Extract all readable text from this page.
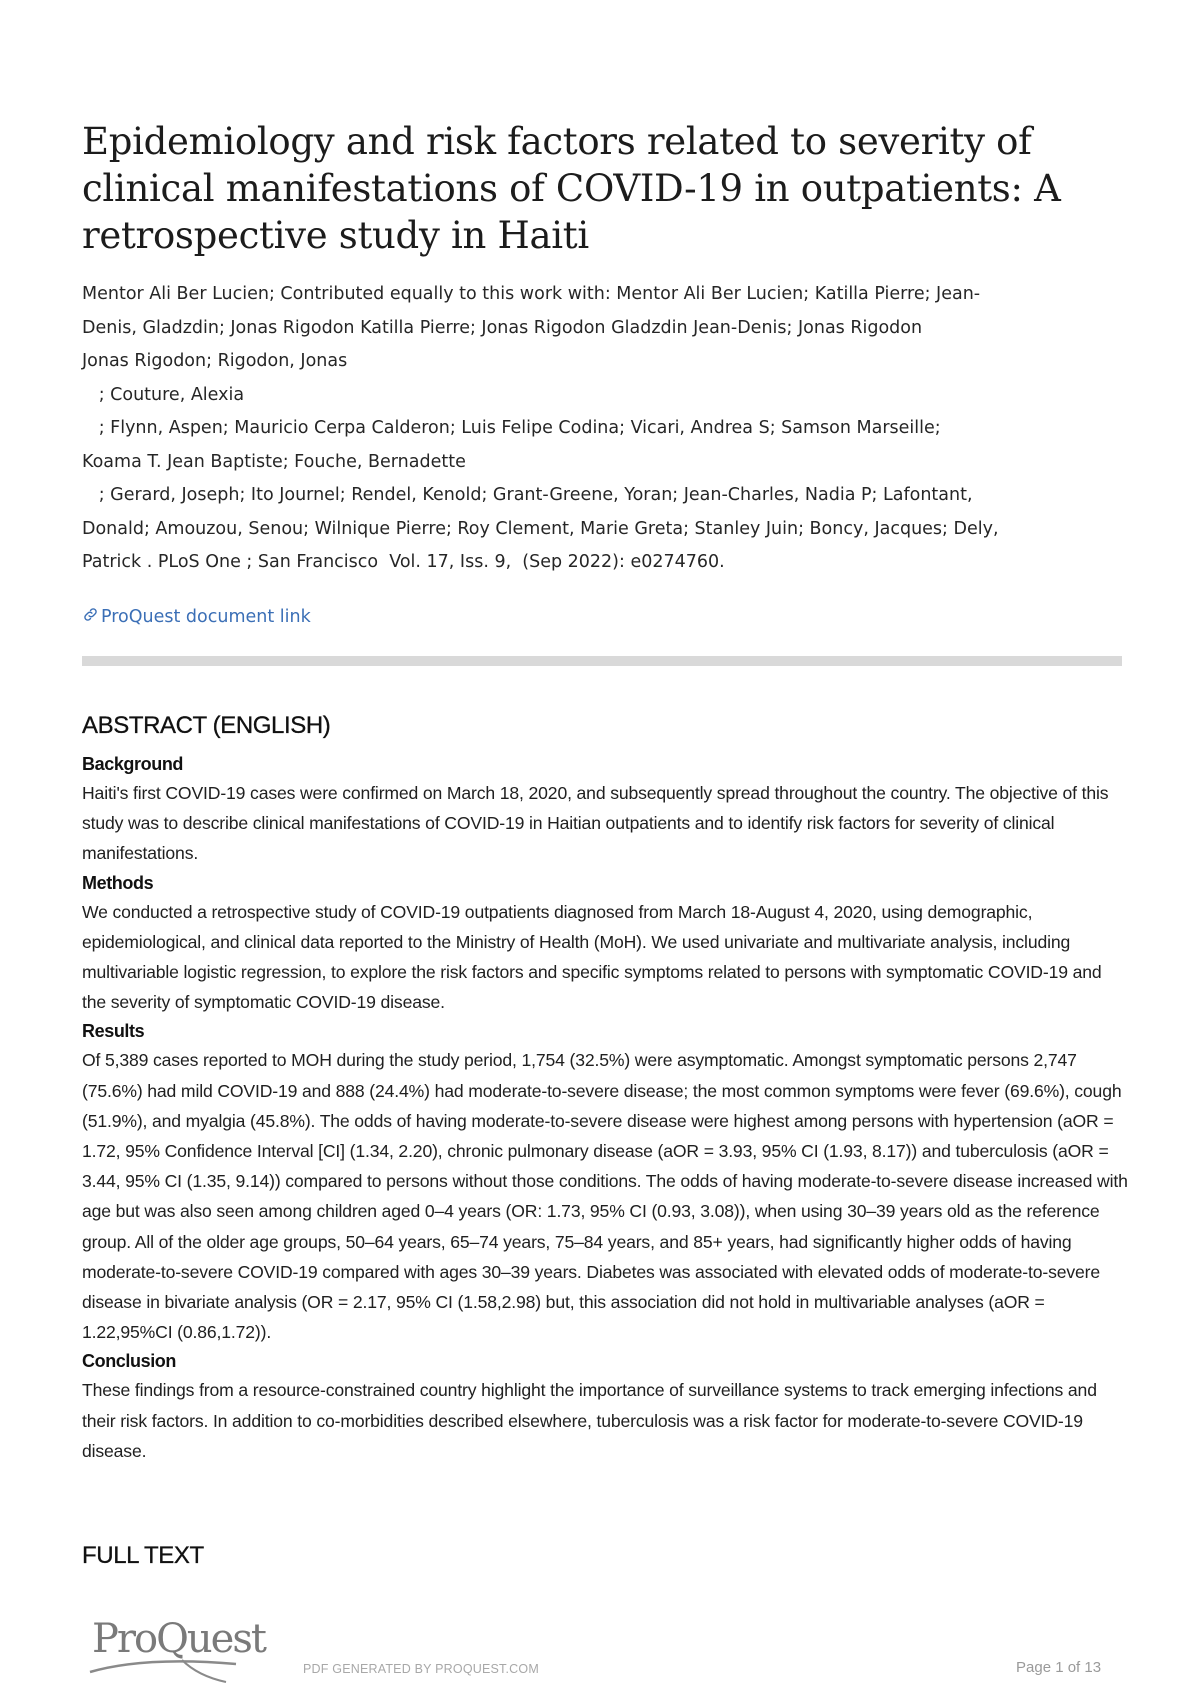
Epidemiology and risk factors related to severity of clinical manifestations of COVID-19 in outpatients: A retrospective study in Haiti
Mentor Ali Ber Lucien; Contributed equally to this work with: Mentor Ali Ber Lucien; Katilla Pierre; Jean-
Denis, Gladzdin; Jonas Rigodon Katilla Pierre; Jonas Rigodon Gladzdin Jean-Denis; Jonas Rigodon
Jonas Rigodon; Rigodon, Jonas
; Couture, Alexia
; Flynn, Aspen; Mauricio Cerpa Calderon; Luis Felipe Codina; Vicari, Andrea S; Samson Marseille;
Koama T. Jean Baptiste; Fouche, Bernadette
; Gerard, Joseph; Ito Journel; Rendel, Kenold; Grant-Greene, Yoran; Jean-Charles, Nadia P; Lafontant,
Donald; Amouzou, Senou; Wilnique Pierre; Roy Clement, Marie Greta; Stanley Juin; Boncy, Jacques; Dely,
Patrick . PLoS One ; San Francisco  Vol. 17, Iss. 9,  (Sep 2022): e0274760.
ProQuest document link
ABSTRACT (ENGLISH)
Background

Haiti's first COVID-19 cases were confirmed on March 18, 2020, and subsequently spread throughout the country. The objective of this study was to describe clinical manifestations of COVID-19 in Haitian outpatients and to identify risk factors for severity of clinical manifestations.

Methods

We conducted a retrospective study of COVID-19 outpatients diagnosed from March 18-August 4, 2020, using demographic, epidemiological, and clinical data reported to the Ministry of Health (MoH). We used univariate and multivariate analysis, including multivariable logistic regression, to explore the risk factors and specific symptoms related to persons with symptomatic COVID-19 and the severity of symptomatic COVID-19 disease.

Results

Of 5,389 cases reported to MOH during the study period, 1,754 (32.5%) were asymptomatic. Amongst symptomatic persons 2,747 (75.6%) had mild COVID-19 and 888 (24.4%) had moderate-to-severe disease; the most common symptoms were fever (69.6%), cough (51.9%), and myalgia (45.8%). The odds of having moderate-to-severe disease were highest among persons with hypertension (aOR = 1.72, 95% Confidence Interval [CI] (1.34, 2.20), chronic pulmonary disease (aOR = 3.93, 95% CI (1.93, 8.17)) and tuberculosis (aOR = 3.44, 95% CI (1.35, 9.14)) compared to persons without those conditions. The odds of having moderate-to-severe disease increased with age but was also seen among children aged 0–4 years (OR: 1.73, 95% CI (0.93, 3.08)), when using 30–39 years old as the reference group. All of the older age groups, 50–64 years, 65–74 years, 75–84 years, and 85+ years, had significantly higher odds of having moderate-to-severe COVID-19 compared with ages 30–39 years. Diabetes was associated with elevated odds of moderate-to-severe disease in bivariate analysis (OR = 2.17, 95% CI (1.58,2.98) but, this association did not hold in multivariable analyses (aOR = 1.22,95%CI (0.86,1.72)).

Conclusion

These findings from a resource-constrained country highlight the importance of surveillance systems to track emerging infections and their risk factors. In addition to co-morbidities described elsewhere, tuberculosis was a risk factor for moderate-to-severe COVID-19 disease.

FULL TEXT
ProQuest
PDF GENERATED BY PROQUEST.COM	Page 1 of 13
